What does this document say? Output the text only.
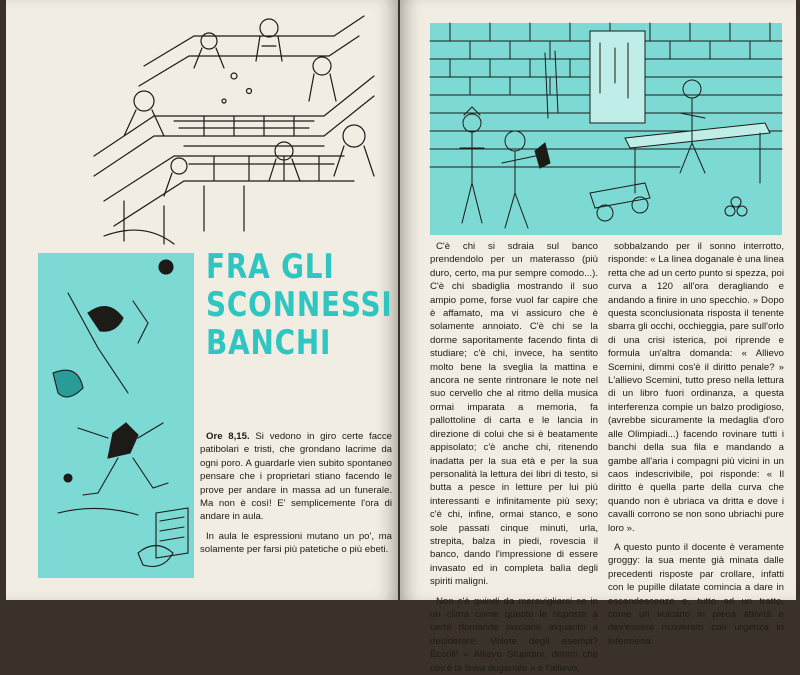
FRA GLI
SCONNESSI
BANCHI

Ore 8,15. Si vedono in giro certe facce patibolari e tristi, che grondano lacrime da ogni poro. A guardarle vien subito spontaneo pensare che i proprietari stiano facendo le prove per andare in massa ad un funerale. Ma non è così! E' semplicemente l'ora di andare in aula.

In aula le espressioni mutano un po', ma solamente per farsi più patetiche o più ebeti.

C'è chi si sdraia sul banco prendendolo per un materasso (più duro, certo, ma pur sempre comodo...). C'è chi sbadiglia mostrando il suo ampio pome, forse vuol far capire che è affamato, ma vi assicuro che è solamente annoiato. C'è chi se la dorme saporitamente facendo finta di studiare; c'è chi, invece, ha sentito molto bene la sveglia la mattina e ancora ne sente rintronare le note nel suo cervello che al ritmo della musica ormai imparata a memoria, fa pallottoline di carta e le lancia in direzione di colui che si è beatamente appisolato; c'è anche chi, ritenendo inadatta per la sua età e per la sua personalità la lettura dei libri di testo, si butta a pesce in letture per lui più interessanti e infinitamente più sexy; c'è chi, infine, ormai stanco, e sono sole passati cinque minuti, urla, strepita, balza in piedi, rovescia il banco, dando l'impressione di essere invasato ed in completa balìa degli spiriti maligni.

Non c'è quindi da meravigliarsi se in un clima come questo le risposte a certe domande lasciano alquanto a desiderare. Volete degli esempi? Eccoli! « Allievo Stupidini, dimmi che cos'è la linea doganale » e l'allievo,

sobbalzando per il sonno interrotto, risponde: « La linea doganale è una linea retta che ad un certo punto si spezza, poi curva a 120 all'ora deragliando e andando a finire in uno specchio. » Dopo questa sconclusionata risposta il tenente sbarra gli occhi, occhieggia, pare sull'orlo di una crisi isterica, poi riprende e formula un'altra domanda: « Allievo Scemini, dimmi cos'è il diritto penale? » L'allievo Scemini, tutto preso nella lettura di un libro fuori ordinanza, a questa interferenza compie un balzo prodigioso, (avrebbe sicuramente la medaglia d'oro alle Olimpiadi...) facendo rovinare tutti i banchi della sua fila e mandando a gambe all'aria i compagni più vicini in un caos indescrivibile, poi risponde: « Il diritto è quella parte della curva che quando non è ubriaca va dritta e dove i cavalli corrono se non sono ubriachi pure loro ».

A questo punto il docente è veramente groggy: la sua mente già minata dalle precedenti risposte par crollare, infatti con le pupille dilatate comincia a dare in escandescenze e, tutto ad un tratto, come un vulcano in piena attività e dev'essere ricoverato con urgenza in infermeria.
